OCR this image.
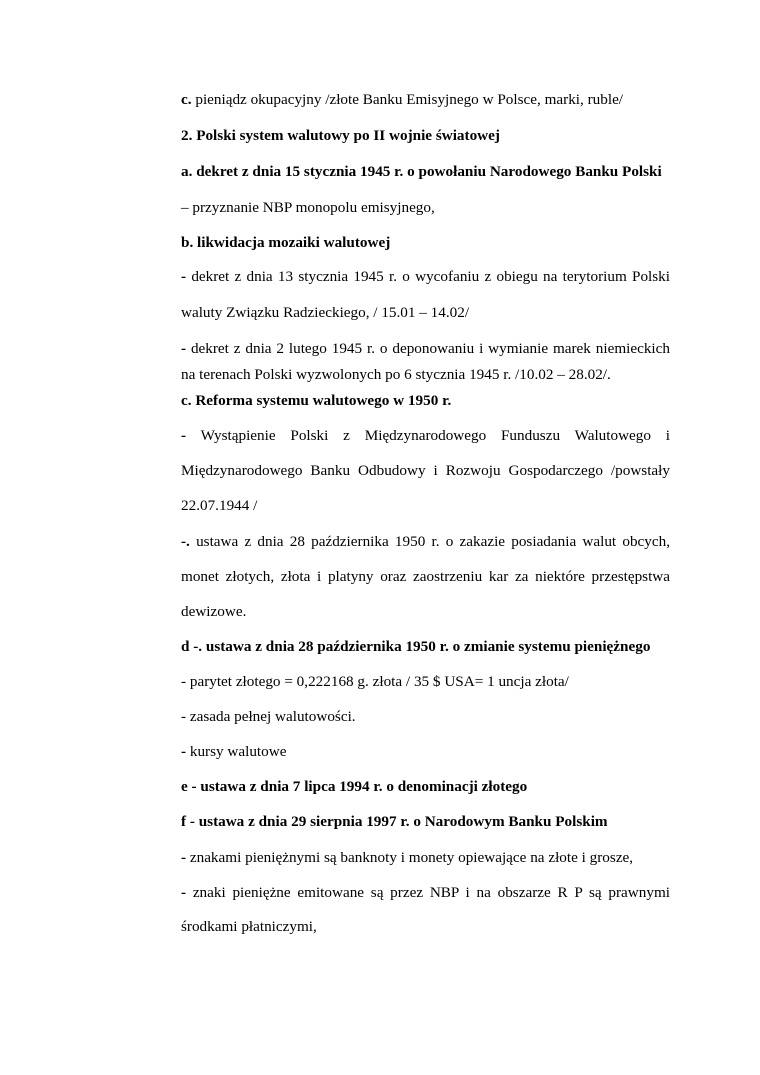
c. pieniądz okupacyjny /złote Banku Emisyjnego w Polsce, marki, ruble/
2. Polski system walutowy po II wojnie światowej
a. dekret z dnia 15 stycznia 1945 r. o powołaniu Narodowego Banku Polski
– przyznanie NBP monopolu emisyjnego,
b. likwidacja mozaiki walutowej
- dekret z dnia 13 stycznia 1945 r. o wycofaniu z obiegu na terytorium Polski
waluty Związku Radzieckiego, / 15.01 – 14.02/
- dekret z dnia 2 lutego 1945 r. o deponowaniu i wymianie marek niemieckich
na terenach Polski wyzwolonych po 6 stycznia 1945 r. /10.02 – 28.02/.
c. Reforma systemu walutowego w 1950 r.
- Wystąpienie Polski z Międzynarodowego Funduszu Walutowego i
Międzynarodowego Banku Odbudowy i Rozwoju Gospodarczego /powstały
22.07.1944 /
-. ustawa z dnia 28 października 1950 r. o zakazie posiadania walut obcych,
monet złotych, złota i platyny oraz zaostrzeniu kar za niektóre przestępstwa
dewizowe.
d -. ustawa z dnia 28 października 1950 r. o zmianie systemu pieniężnego
- parytet złotego = 0,222168 g. złota / 35 $ USA= 1 uncja złota/
- zasada pełnej walutowości.
- kursy walutowe
e - ustawa z dnia 7 lipca 1994 r. o denominacji złotego
f - ustawa z dnia 29 sierpnia 1997 r. o Narodowym Banku Polskim
- znakami pieniężnymi są banknoty i monety opiewające na złote i grosze,
- znaki pieniężne emitowane są przez NBP i na obszarze R P są prawnymi
środkami płatniczymi,
